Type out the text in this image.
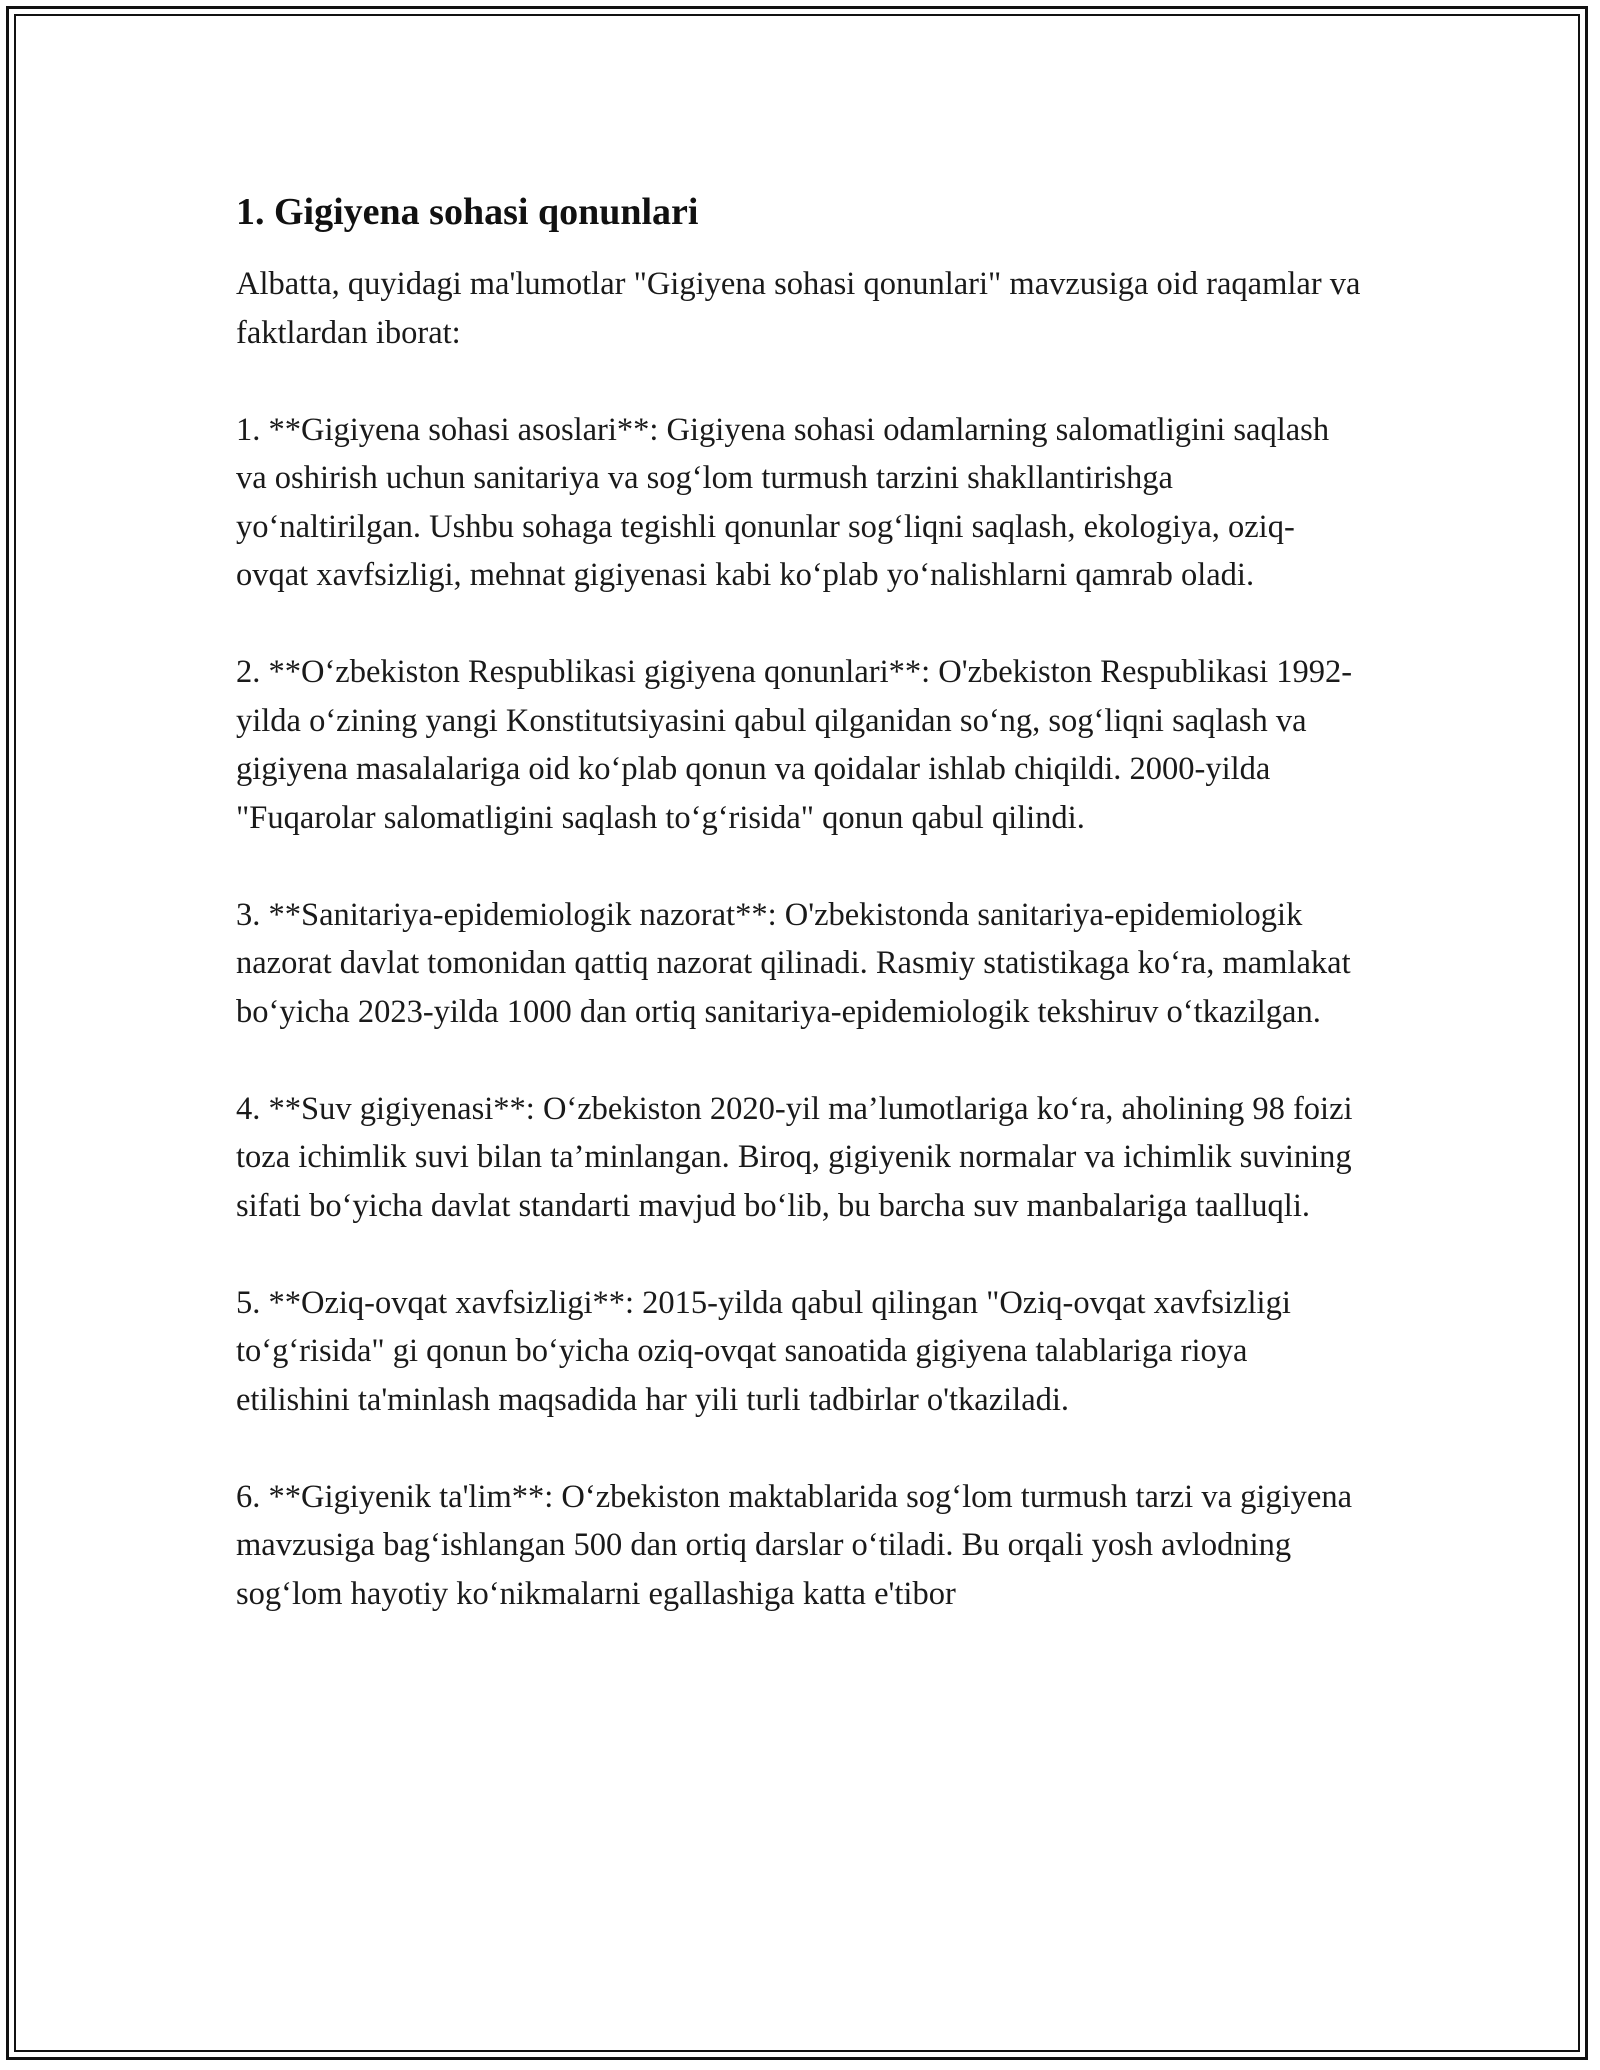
1. Gigiyena sohasi qonunlari

Albatta, quyidagi ma'lumotlar "Gigiyena sohasi qonunlari" mavzusiga oid raqamlar va faktlardan iborat:

1. **Gigiyena sohasi asoslari**: Gigiyena sohasi odamlarning salomatligini saqlash va oshirish uchun sanitariya va sog‘lom turmush tarzini shakllantirishga yo‘naltirilgan. Ushbu sohaga tegishli qonunlar sog‘liqni saqlash, ekologiya, oziq-ovqat xavfsizligi, mehnat gigiyenasi kabi ko‘plab yo‘nalishlarni qamrab oladi.

2. **O‘zbekiston Respublikasi gigiyena qonunlari**: O'zbekiston Respublikasi 1992-yilda o‘zining yangi Konstitutsiyasini qabul qilganidan so‘ng, sog‘liqni saqlash va gigiyena masalalariga oid ko‘plab qonun va qoidalar ishlab chiqildi. 2000-yilda "Fuqarolar salomatligini saqlash to‘g‘risida" qonun qabul qilindi.

3. **Sanitariya-epidemiologik nazorat**: O'zbekistonda sanitariya-epidemiologik nazorat davlat tomonidan qattiq nazorat qilinadi. Rasmiy statistikaga ko‘ra, mamlakat bo‘yicha 2023-yilda 1000 dan ortiq sanitariya-epidemiologik tekshiruv o‘tkazilgan.

4. **Suv gigiyenasi**: O‘zbekiston 2020-yil ma’lumotlariga ko‘ra, aholining 98 foizi toza ichimlik suvi bilan ta’minlangan. Biroq, gigiyenik normalar va ichimlik suvining sifati bo‘yicha davlat standarti mavjud bo‘lib, bu barcha suv manbalariga taalluqli.

5. **Oziq-ovqat xavfsizligi**: 2015-yilda qabul qilingan "Oziq-ovqat xavfsizligi to‘g‘risida" gi qonun bo‘yicha oziq-ovqat sanoatida gigiyena talablariga rioya etilishini ta'minlash maqsadida har yili turli tadbirlar o'tkaziladi.

6. **Gigiyenik ta'lim**: O‘zbekiston maktablarida sog‘lom turmush tarzi va gigiyena mavzusiga bag‘ishlangan 500 dan ortiq darslar o‘tiladi. Bu orqali yosh avlodning sog‘lom hayotiy ko‘nikmalarni egallashiga katta e'tibor
